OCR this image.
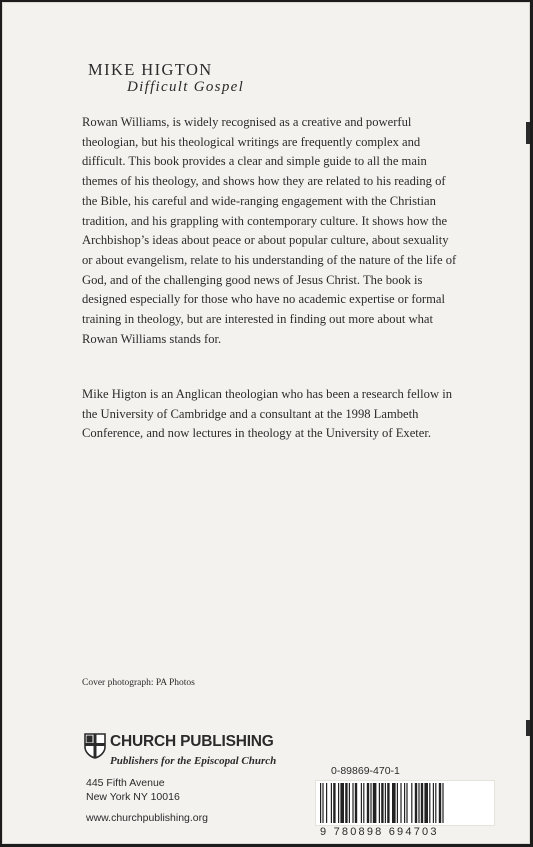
MIKE HIGTON
Difficult Gospel
Rowan Williams, is widely recognised as a creative and powerful theologian, but his theological writings are frequently complex and difficult. This book provides a clear and simple guide to all the main themes of his theology, and shows how they are related to his reading of the Bible, his careful and wide-ranging engagement with the Christian tradition, and his grappling with contemporary culture. It shows how the Archbishop’s ideas about peace or about popular culture, about sexuality or about evangelism, relate to his understanding of the nature of the life of God, and of the challenging good news of Jesus Christ. The book is designed especially for those who have no academic expertise or formal training in theology, but are interested in finding out more about what Rowan Williams stands for.
Mike Higton is an Anglican theologian who has been a research fellow in the University of Cambridge and a consultant at the 1998 Lambeth Conference, and now lectures in theology at the University of Exeter.
Cover photograph: PA Photos
CHURCH PUBLISHING
Publishers for the Episcopal Church
445 Fifth Avenue
New York NY 10016
www.churchpublishing.org
0-89869-470-1
9 780898 694703
